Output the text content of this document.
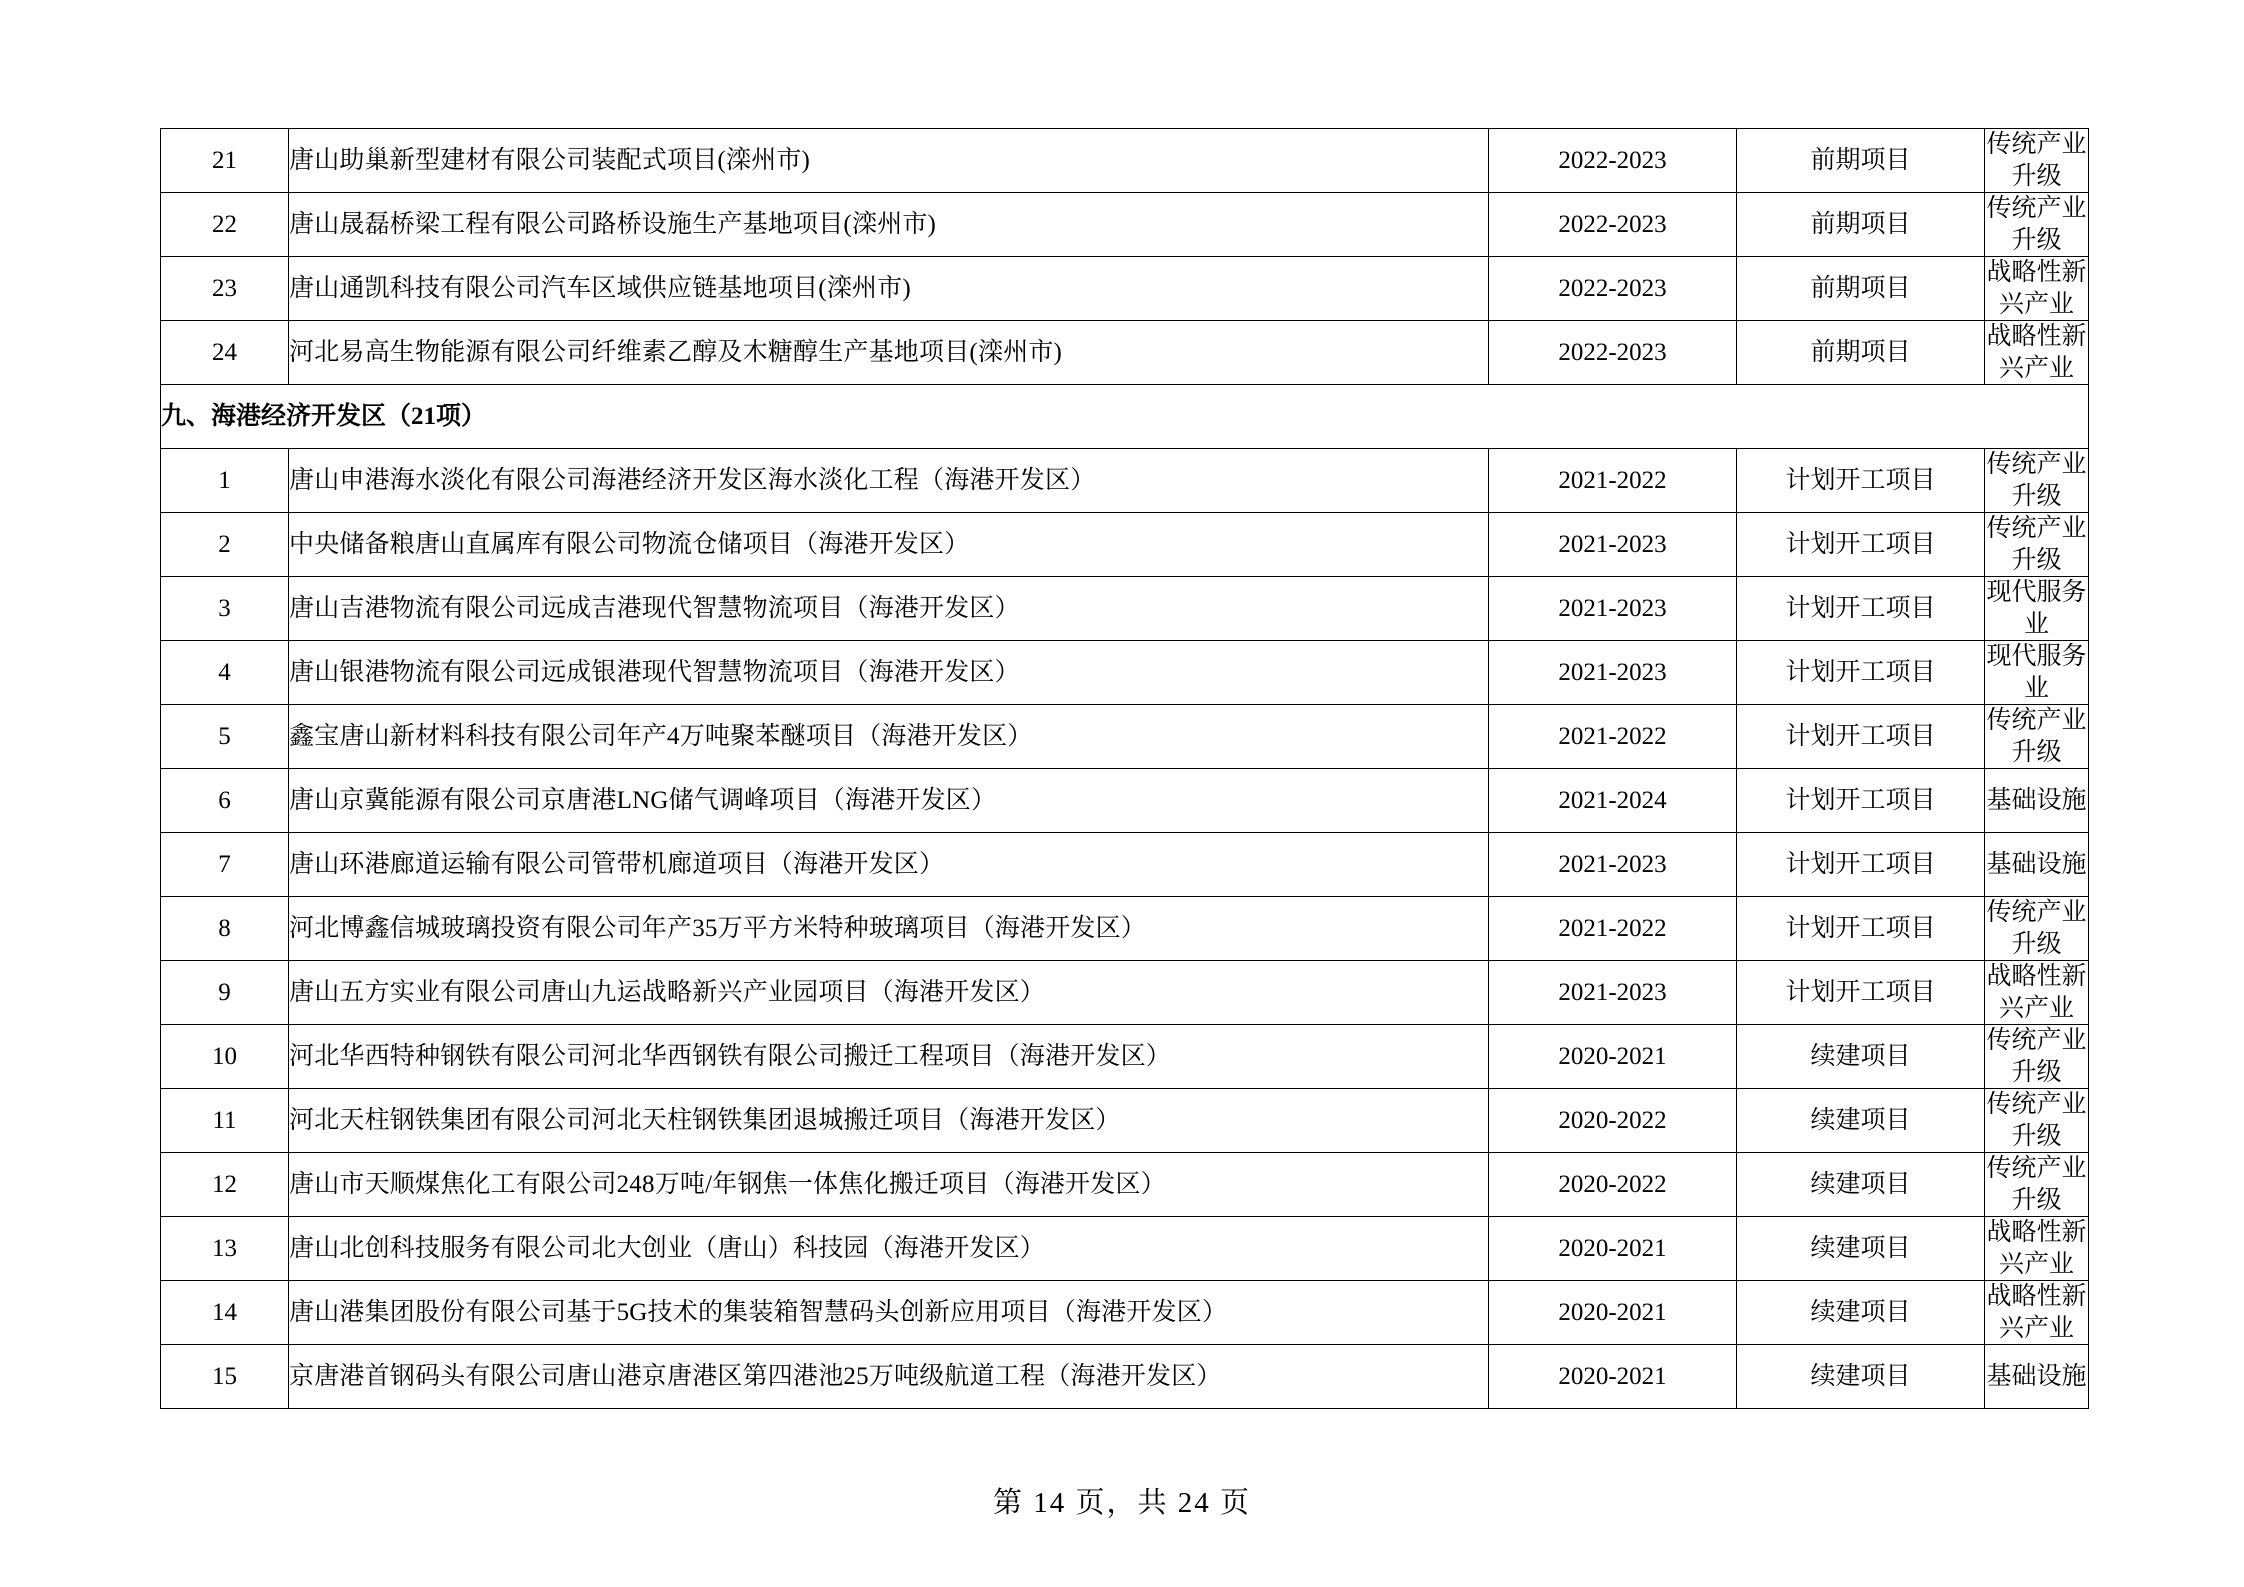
21	唐山助巢新型建材有限公司装配式项目(滦州市)	2022-2023	前期项目	传统产业升级
22	唐山晟磊桥梁工程有限公司路桥设施生产基地项目(滦州市)	2022-2023	前期项目	传统产业升级
23	唐山通凯科技有限公司汽车区域供应链基地项目(滦州市)	2022-2023	前期项目	战略性新兴产业
24	河北易高生物能源有限公司纤维素乙醇及木糖醇生产基地项目(滦州市)	2022-2023	前期项目	战略性新兴产业
九、海港经济开发区（21项）				
1	唐山申港海水淡化有限公司海港经济开发区海水淡化工程（海港开发区）	2021-2022	计划开工项目	传统产业升级
2	中央储备粮唐山直属库有限公司物流仓储项目（海港开发区）	2021-2023	计划开工项目	传统产业升级
3	唐山吉港物流有限公司远成吉港现代智慧物流项目（海港开发区）	2021-2023	计划开工项目	现代服务业
4	唐山银港物流有限公司远成银港现代智慧物流项目（海港开发区）	2021-2023	计划开工项目	现代服务业
5	鑫宝唐山新材料科技有限公司年产4万吨聚苯醚项目（海港开发区）	2021-2022	计划开工项目	传统产业升级
6	唐山京冀能源有限公司京唐港LNG储气调峰项目（海港开发区）	2021-2024	计划开工项目	基础设施
7	唐山环港廊道运输有限公司管带机廊道项目（海港开发区）	2021-2023	计划开工项目	基础设施
8	河北博鑫信城玻璃投资有限公司年产35万平方米特种玻璃项目（海港开发区）	2021-2022	计划开工项目	传统产业升级
9	唐山五方实业有限公司唐山九运战略新兴产业园项目（海港开发区）	2021-2023	计划开工项目	战略性新兴产业
10	河北华西特种钢铁有限公司河北华西钢铁有限公司搬迁工程项目（海港开发区）	2020-2021	续建项目	传统产业升级
11	河北天柱钢铁集团有限公司河北天柱钢铁集团退城搬迁项目（海港开发区）	2020-2022	续建项目	传统产业升级
12	唐山市天顺煤焦化工有限公司248万吨/年钢焦一体焦化搬迁项目（海港开发区）	2020-2022	续建项目	传统产业升级
13	唐山北创科技服务有限公司北大创业（唐山）科技园（海港开发区）	2020-2021	续建项目	战略性新兴产业
14	唐山港集团股份有限公司基于5G技术的集装箱智慧码头创新应用项目（海港开发区）	2020-2021	续建项目	战略性新兴产业
15	京唐港首钢码头有限公司唐山港京唐港区第四港池25万吨级航道工程（海港开发区）	2020-2021	续建项目	基础设施
第 14 页，共 24 页
